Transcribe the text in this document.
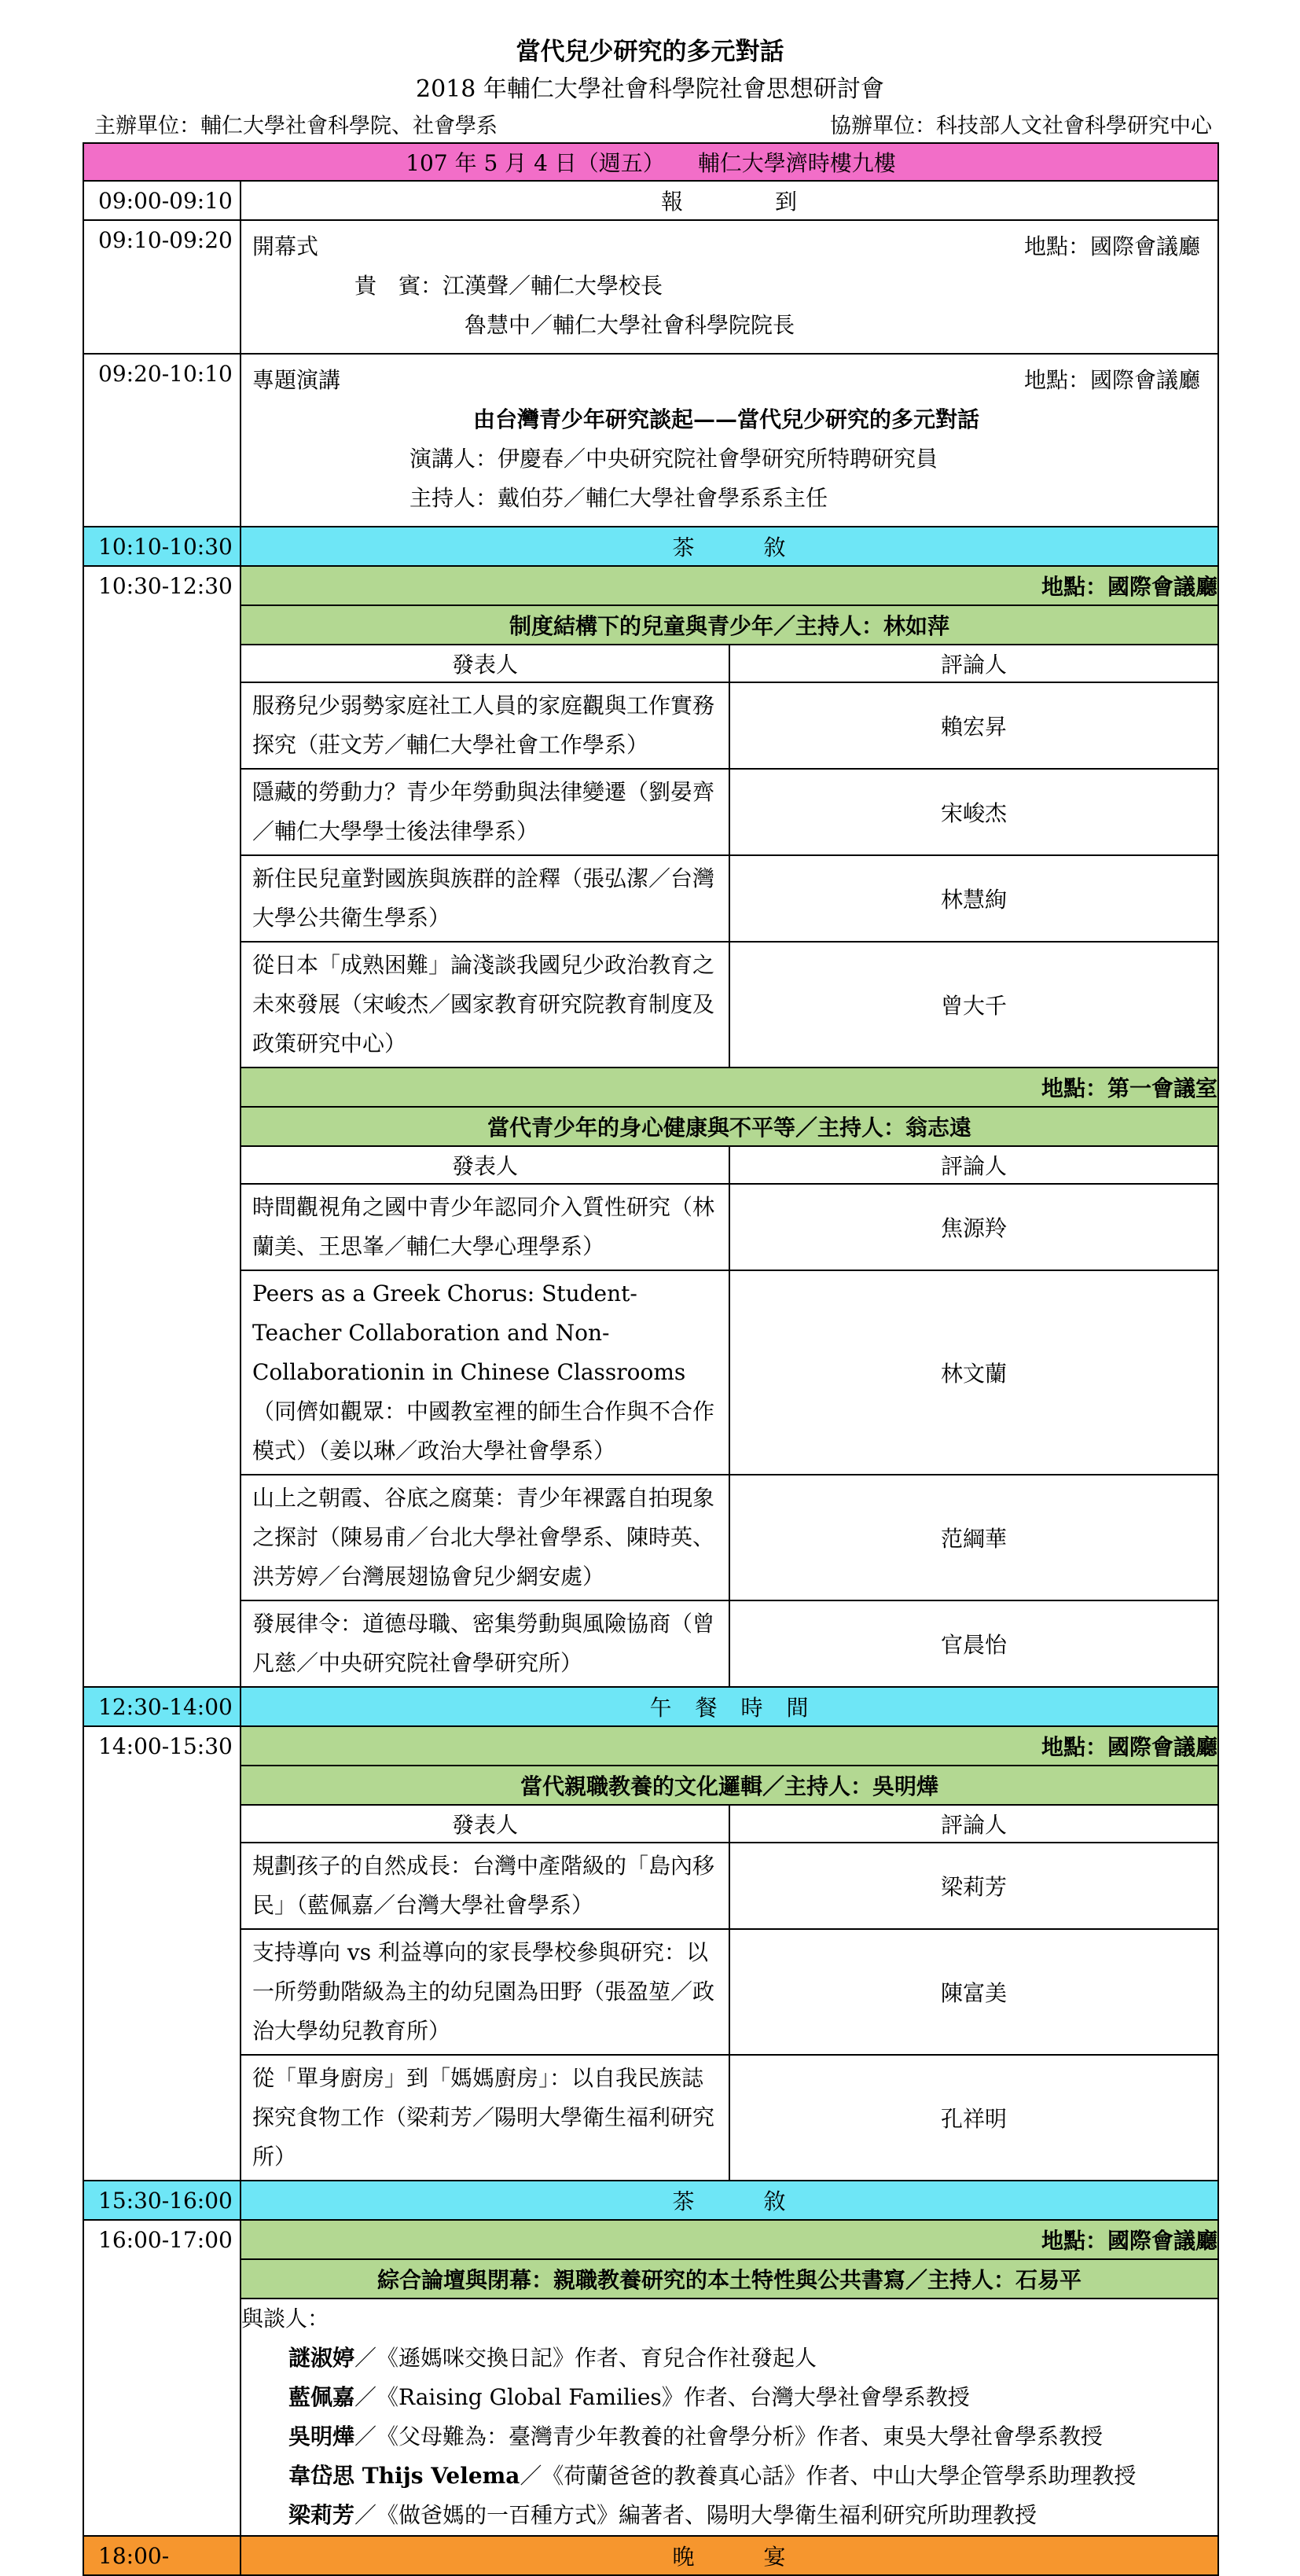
當代兒少研究的多元對話
2018 年輔仁大學社會科學院社會思想研討會
主辦單位：輔仁大學社會科學院、社會學系	協辦單位：科技部人文社會科學研究中心
107 年 5 月 4 日（週五）　　輔仁大學濟時樓九樓
09:00-09:10	報　　　　到
09:10-09:20	開幕式	地點：國際會議廳
貴　賓：江漢聲／輔仁大學校長
魯慧中／輔仁大學社會科學院院長

09:20-10:10	專題演講	地點：國際會議廳
由台灣青少年研究談起——當代兒少研究的多元對話
演講人：伊慶春／中央研究院社會學研究所特聘研究員
主持人：戴伯芬／輔仁大學社會學系系主任

10:10-10:30	茶　　　敘
10:30-12:30		地點：國際會議廳
制度結構下的兒童與青少年／主持人：林如萍
發表人	評論人
服務兒少弱勢家庭社工人員的家庭觀與工作實務探究（莊文芳／輔仁大學社會工作學系）	賴宏昇
隱藏的勞動力？青少年勞動與法律變遷（劉晏齊／輔仁大學學士後法律學系）	宋峻杰
新住民兒童對國族與族群的詮釋（張弘潔／台灣大學公共衛生學系）	林慧絢
從日本「成熟困難」論淺談我國兒少政治教育之未來發展（宋峻杰／國家教育研究院教育制度及政策研究中心）	曾大千
地點：第一會議室
當代青少年的身心健康與不平等／主持人：翁志遠
發表人	評論人
時間觀視角之國中青少年認同介入質性研究（林蘭美、王思峯／輔仁大學心理學系）	焦源羚
Peers as a Greek Chorus: Student-Teacher Collaboration and Non-Collaborationin in Chinese Classrooms（同儕如觀眾：中國教室裡的師生合作與不合作模式）（姜以琳／政治大學社會學系）	林文蘭
山上之朝霞、谷底之腐葉：青少年裸露自拍現象之探討（陳易甫／台北大學社會學系、陳時英、洪芳婷／台灣展翅協會兒少網安處）	范綱華
發展律令：道德母職、密集勞動與風險協商（曾凡慈／中央研究院社會學研究所）	官晨怡

12:30-14:00	午　餐　時　間
14:00-15:30		地點：國際會議廳
當代親職教養的文化邏輯／主持人：吳明燁
發表人	評論人
規劃孩子的自然成長：台灣中產階級的「島內移民」（藍佩嘉／台灣大學社會學系）	梁莉芳
支持導向 vs 利益導向的家長學校參與研究：以一所勞動階級為主的幼兒園為田野（張盈堃／政治大學幼兒教育所）	陳富美
從「單身廚房」到「媽媽廚房」：以自我民族誌探究食物工作（梁莉芳／陽明大學衛生福利研究所）	孔祥明

15:30-16:00	茶　　　敘
16:00-17:00		地點：國際會議廳
綜合論壇與閉幕：親職教養研究的本土特性與公共書寫／主持人：石易平

與談人：
謎淑婷／《遜媽咪交換日記》作者、育兒合作社發起人
藍佩嘉／《Raising Global Families》作者、台灣大學社會學系教授
吳明燁／《父母難為：臺灣青少年教養的社會學分析》作者、東吳大學社會學系教授
韋岱思 Thijs Velema／《荷蘭爸爸的教養真心話》作者、中山大學企管學系助理教授
梁莉芳／《做爸媽的一百種方式》編著者、陽明大學衛生福利研究所助理教授

18:00-	晚　　　宴
